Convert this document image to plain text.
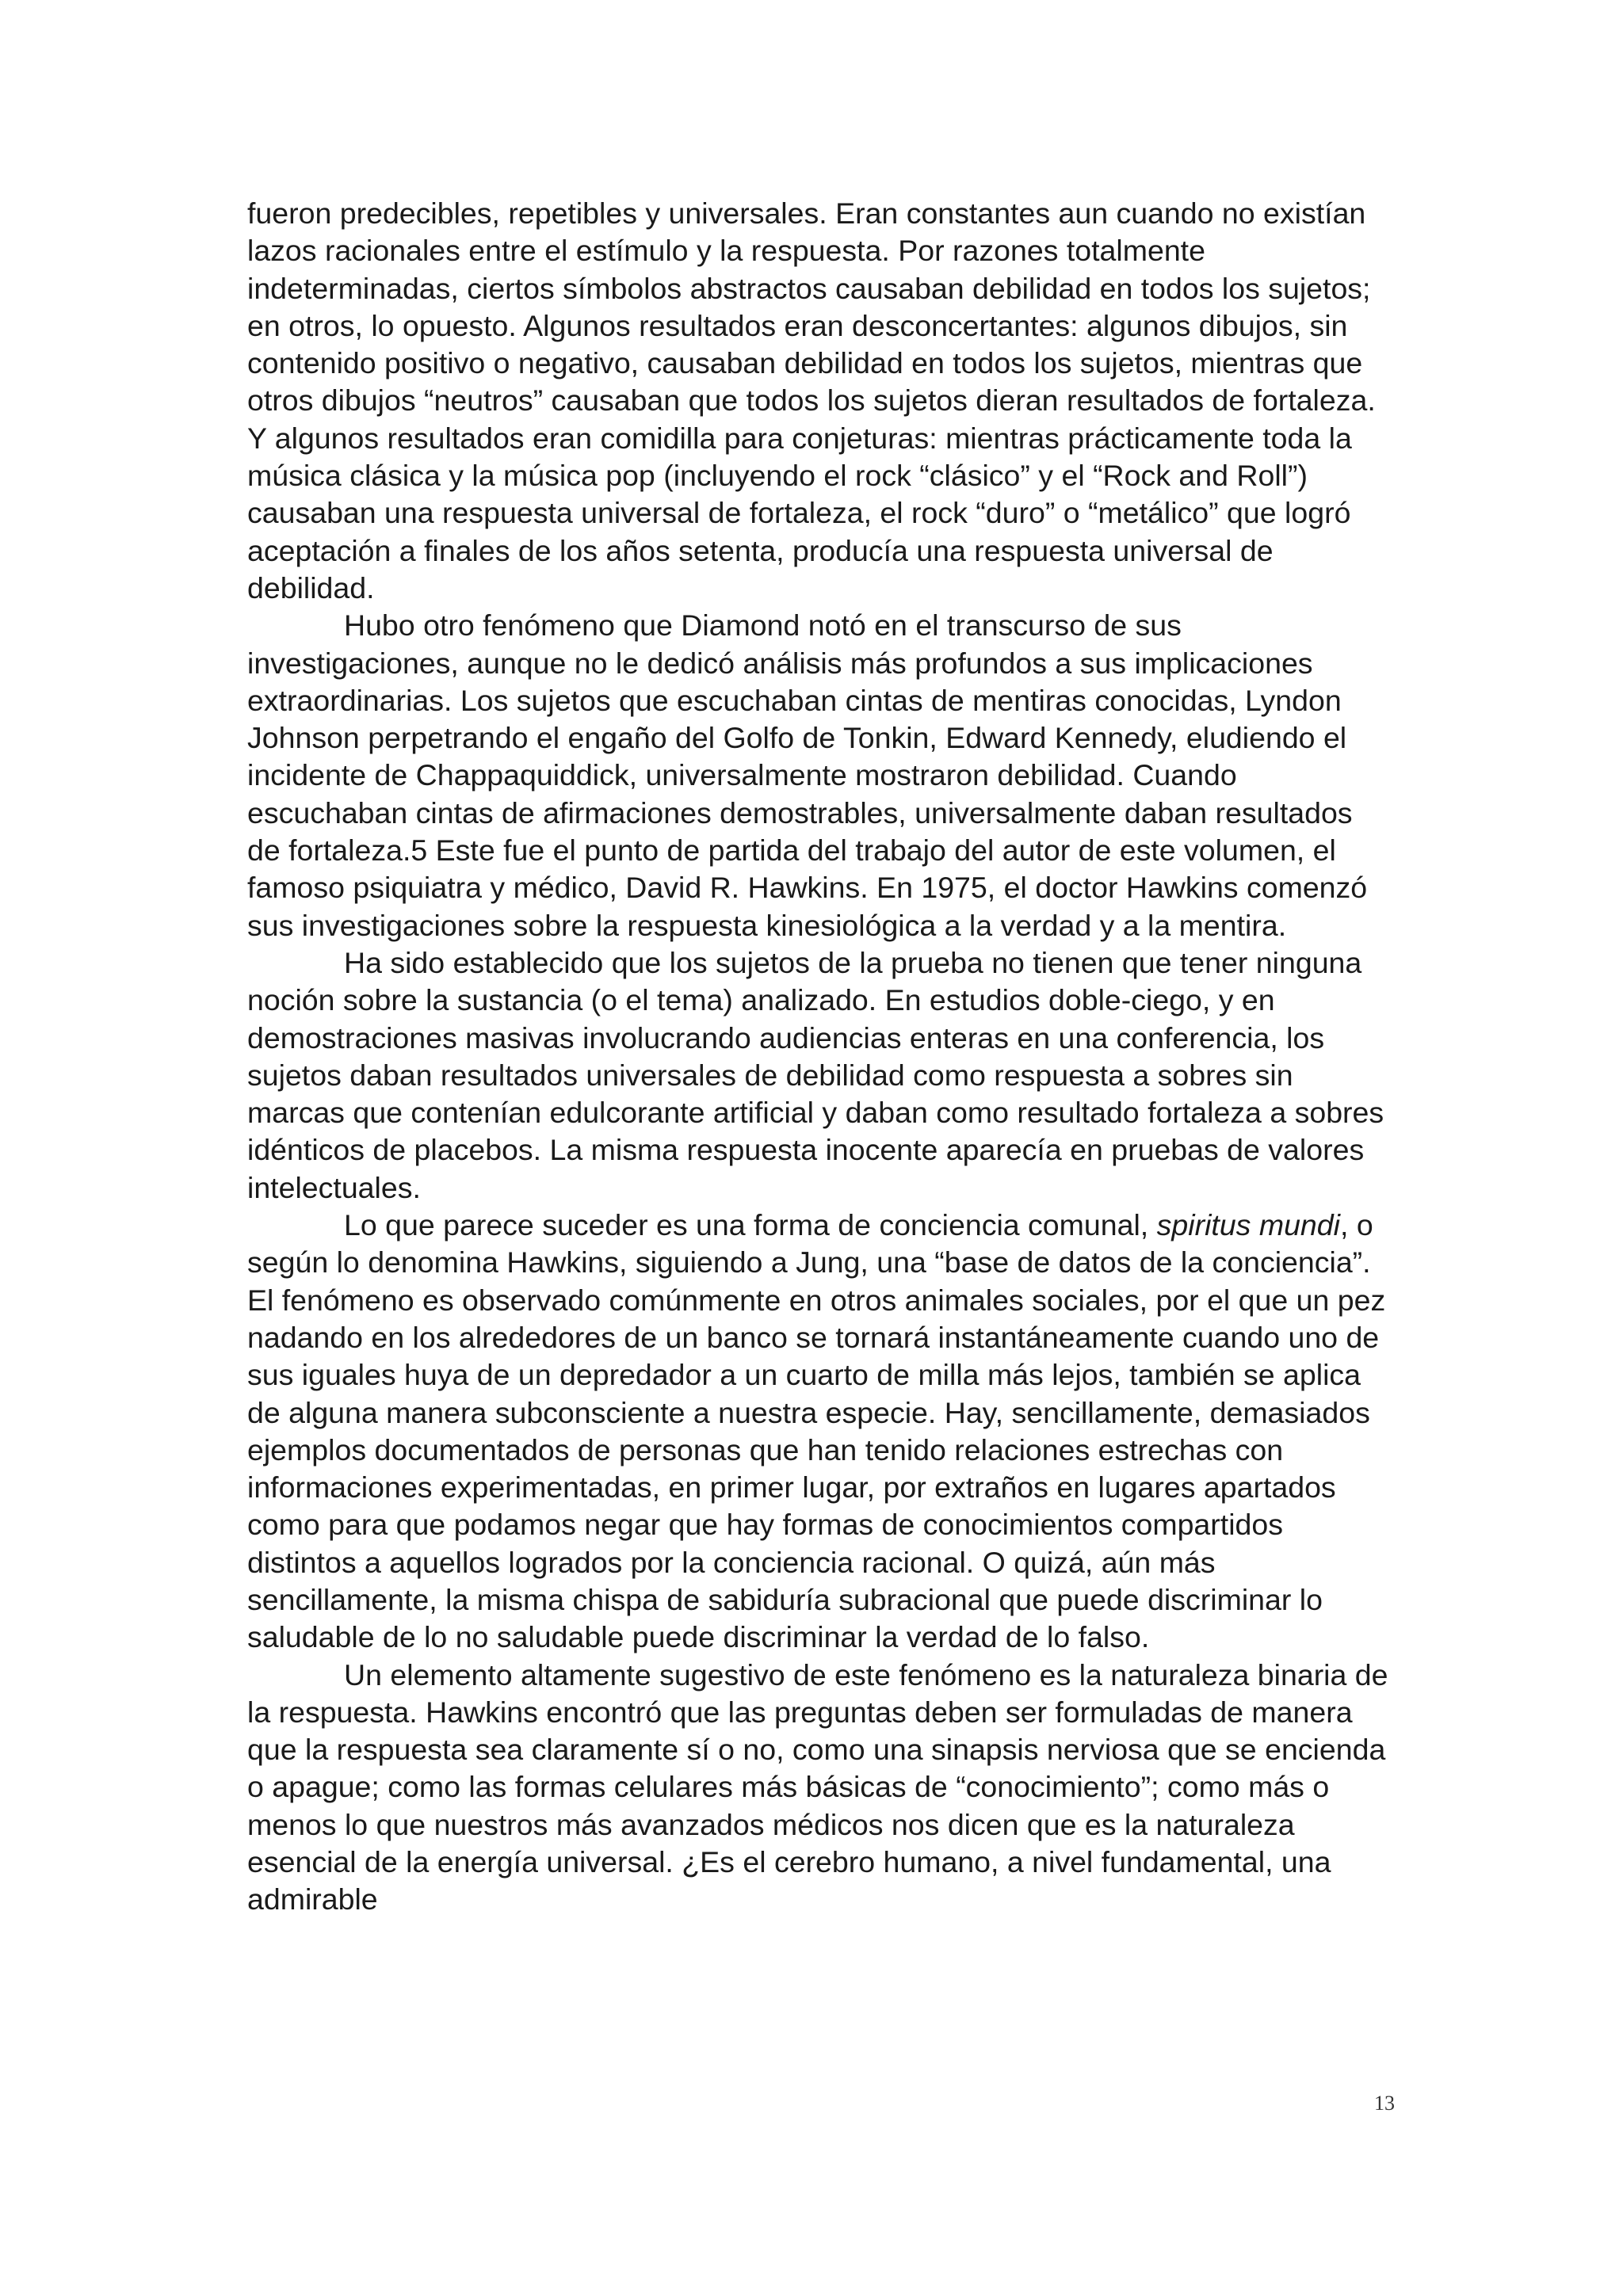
fueron predecibles, repetibles y universales. Eran constantes aun cuando no existían lazos racionales entre el estímulo y la respuesta. Por razones totalmente indeterminadas, ciertos símbolos abstractos causaban debilidad en todos los sujetos; en otros, lo opuesto. Algunos resultados eran desconcertantes: algunos dibujos, sin contenido positivo o negativo, causaban debilidad en todos los sujetos, mientras que otros dibujos “neutros” causaban que todos los sujetos dieran resultados de fortaleza. Y algunos resultados eran comidilla para conjeturas: mientras prácticamente toda la música clásica y la música pop (incluyendo el rock “clásico” y el “Rock and Roll”) causaban una respuesta universal de fortaleza, el rock “duro” o “metálico” que logró aceptación a finales de los años setenta, producía una respuesta universal de debilidad.

Hubo otro fenómeno que Diamond notó en el transcurso de sus investigaciones, aunque no le dedicó análisis más profundos a sus implicaciones extraordinarias. Los sujetos que escuchaban cintas de mentiras conocidas, Lyndon Johnson perpetrando el engaño del Golfo de Tonkin, Edward Kennedy, eludiendo el incidente de Chappaquiddick, universalmente mostraron debilidad. Cuando escuchaban cintas de afirmaciones demostrables, universalmente daban resultados de fortaleza.5 Este fue el punto de partida del trabajo del autor de este volumen, el famoso psiquiatra y médico, David R. Hawkins. En 1975, el doctor Hawkins comenzó sus investigaciones sobre la respuesta kinesiológica a la verdad y a la mentira.

Ha sido establecido que los sujetos de la prueba no tienen que tener ninguna noción sobre la sustancia (o el tema) analizado. En estudios doble-ciego, y en demostraciones masivas involucrando audiencias enteras en una conferencia, los sujetos daban resultados universales de debilidad como respuesta a sobres sin marcas que contenían edulcorante artificial y daban como resultado fortaleza a sobres idénticos de placebos. La misma respuesta inocente aparecía en pruebas de valores intelectuales.

Lo que parece suceder es una forma de conciencia comunal, spiritus mundi, o según lo denomina Hawkins, siguiendo a Jung, una “base de datos de la conciencia”. El fenómeno es observado comúnmente en otros animales sociales, por el que un pez nadando en los alrededores de un banco se tornará instantáneamente cuando uno de sus iguales huya de un depredador a un cuarto de milla más lejos, también se aplica de alguna manera subconsciente a nuestra especie. Hay, sencillamente, demasiados ejemplos documentados de personas que han tenido relaciones estrechas con informaciones experimentadas, en primer lugar, por extraños en lugares apartados como para que podamos negar que hay formas de conocimientos compartidos distintos a aquellos logrados por la conciencia racional. O quizá, aún más sencillamente, la misma chispa de sabiduría subracional que puede discriminar lo saludable de lo no saludable puede discriminar la verdad de lo falso.

Un elemento altamente sugestivo de este fenómeno es la naturaleza binaria de la respuesta. Hawkins encontró que las preguntas deben ser formuladas de manera que la respuesta sea claramente sí o no, como una sinapsis nerviosa que se encienda o apague; como las formas celulares más básicas de “conocimiento”; como más o menos lo que nuestros más avanzados médicos nos dicen que es la naturaleza esencial de la energía universal. ¿Es el cerebro humano, a nivel fundamental, una admirable

13
